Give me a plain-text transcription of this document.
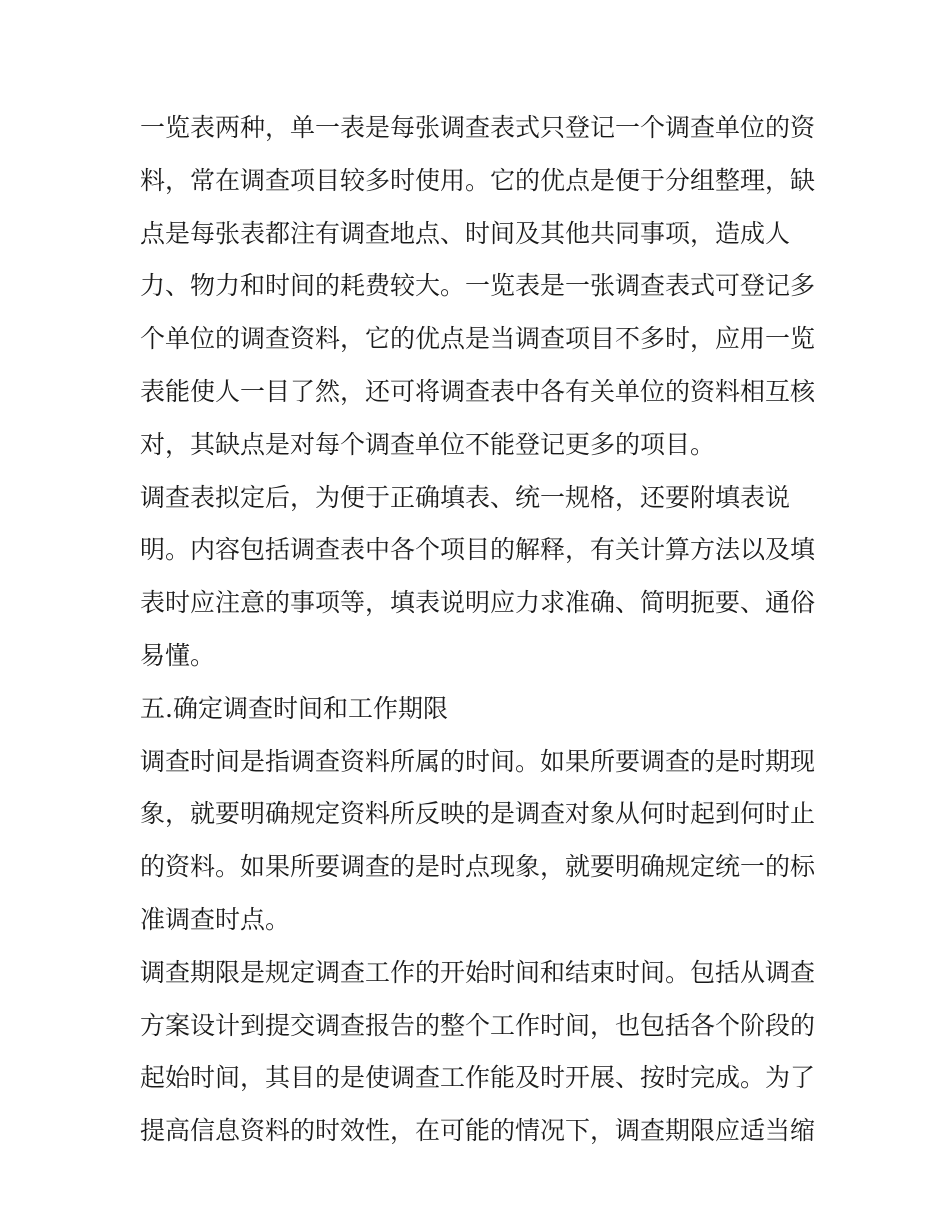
一览表两种，单一表是每张调查表式只登记一个调查单位的资
料，常在调查项目较多时使用。它的优点是便于分组整理，缺
点是每张表都注有调查地点、时间及其他共同事项，造成人
力、物力和时间的耗费较大。一览表是一张调查表式可登记多
个单位的调查资料，它的优点是当调查项目不多时，应用一览
表能使人一目了然，还可将调查表中各有关单位的资料相互核
对，其缺点是对每个调查单位不能登记更多的项目。
调查表拟定后，为便于正确填表、统一规格，还要附填表说
明。内容包括调查表中各个项目的解释，有关计算方法以及填
表时应注意的事项等，填表说明应力求准确、简明扼要、通俗
易懂。
五.确定调查时间和工作期限
调查时间是指调查资料所属的时间。如果所要调查的是时期现
象，就要明确规定资料所反映的是调查对象从何时起到何时止
的资料。如果所要调查的是时点现象，就要明确规定统一的标
准调查时点。
调查期限是规定调查工作的开始时间和结束时间。包括从调查
方案设计到提交调查报告的整个工作时间，也包括各个阶段的
起始时间，其目的是使调查工作能及时开展、按时完成。为了
提高信息资料的时效性，在可能的情况下，调查期限应适当缩
